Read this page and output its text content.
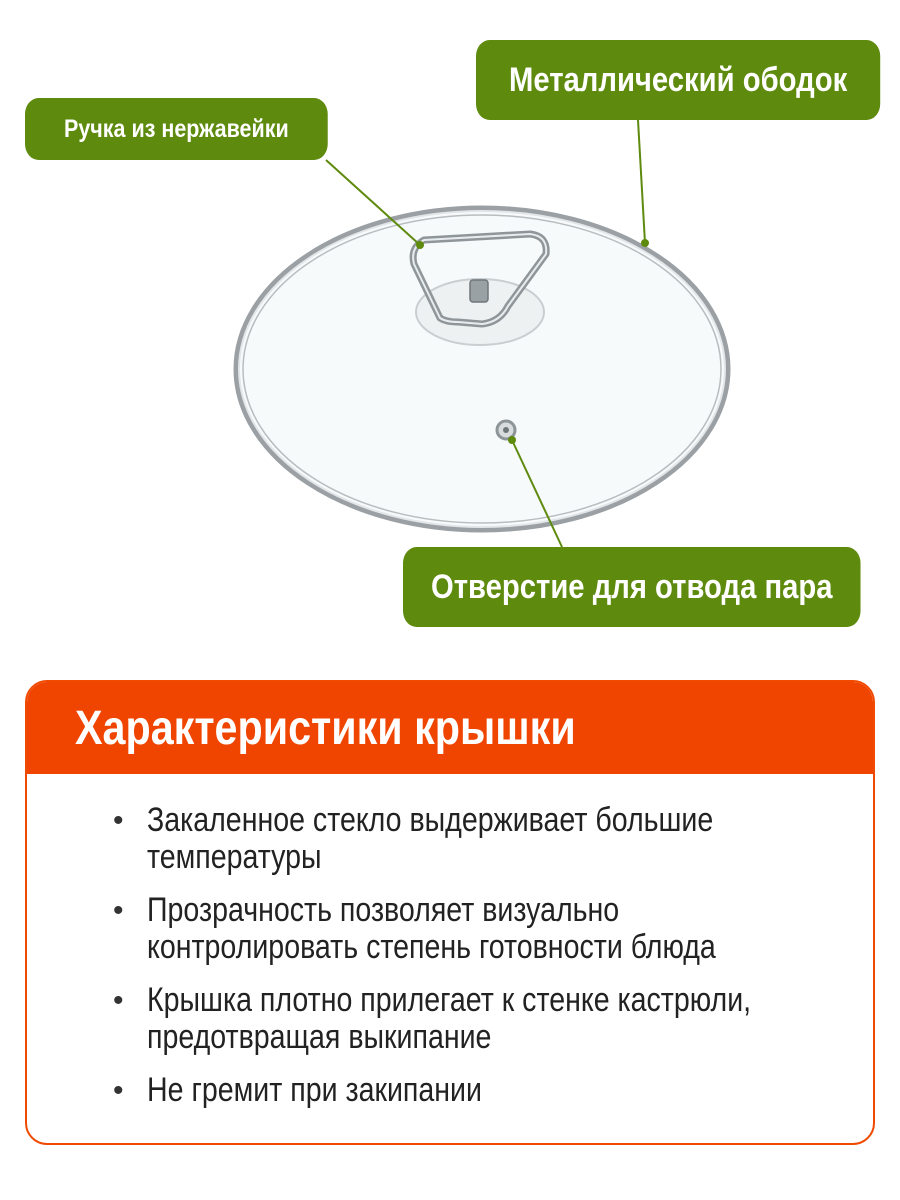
Ручка из нержавейки
Металлический ободок
Отверстие для отвода пара
Характеристики крышки
• Закаленное стекло выдерживает большие температуры
• Прозрачность позволяет визуально контролировать степень готовности блюда
• Крышка плотно прилегает к стенке кастрюли, предотвращая выкипание
• Не гремит при закипании
